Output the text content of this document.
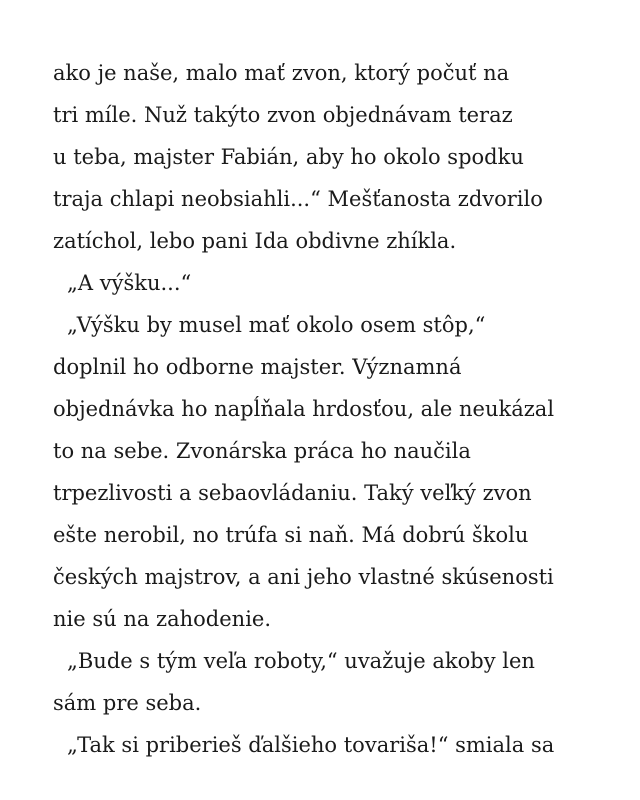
ako je naše, malo mať zvon, ktorý počuť na
tri míle. Nuž takýto zvon objednávam teraz
u teba, majster Fabián, aby ho okolo spodku
traja chlapi neobsiahli...“ Mešťanosta zdvorilo
zatíchol, lebo pani Ida obdivne zhíkla.
„A výšku...“
„Výšku by musel mať okolo osem stôp,“
doplnil ho odborne majster. Významná
objednávka ho napĺňala hrdosťou, ale neukázal
to na sebe. Zvonárska práca ho naučila
trpezlivosti a sebaovládaniu. Taký veľký zvon
ešte nerobil, no trúfa si naň. Má dobrú školu
českých majstrov, a ani jeho vlastné skúsenosti
nie sú na zahodenie.
„Bude s tým veľa roboty,“ uvažuje akoby len
sám pre seba.
„Tak si priberieš ďalšieho tovariša!“ smiala sa
